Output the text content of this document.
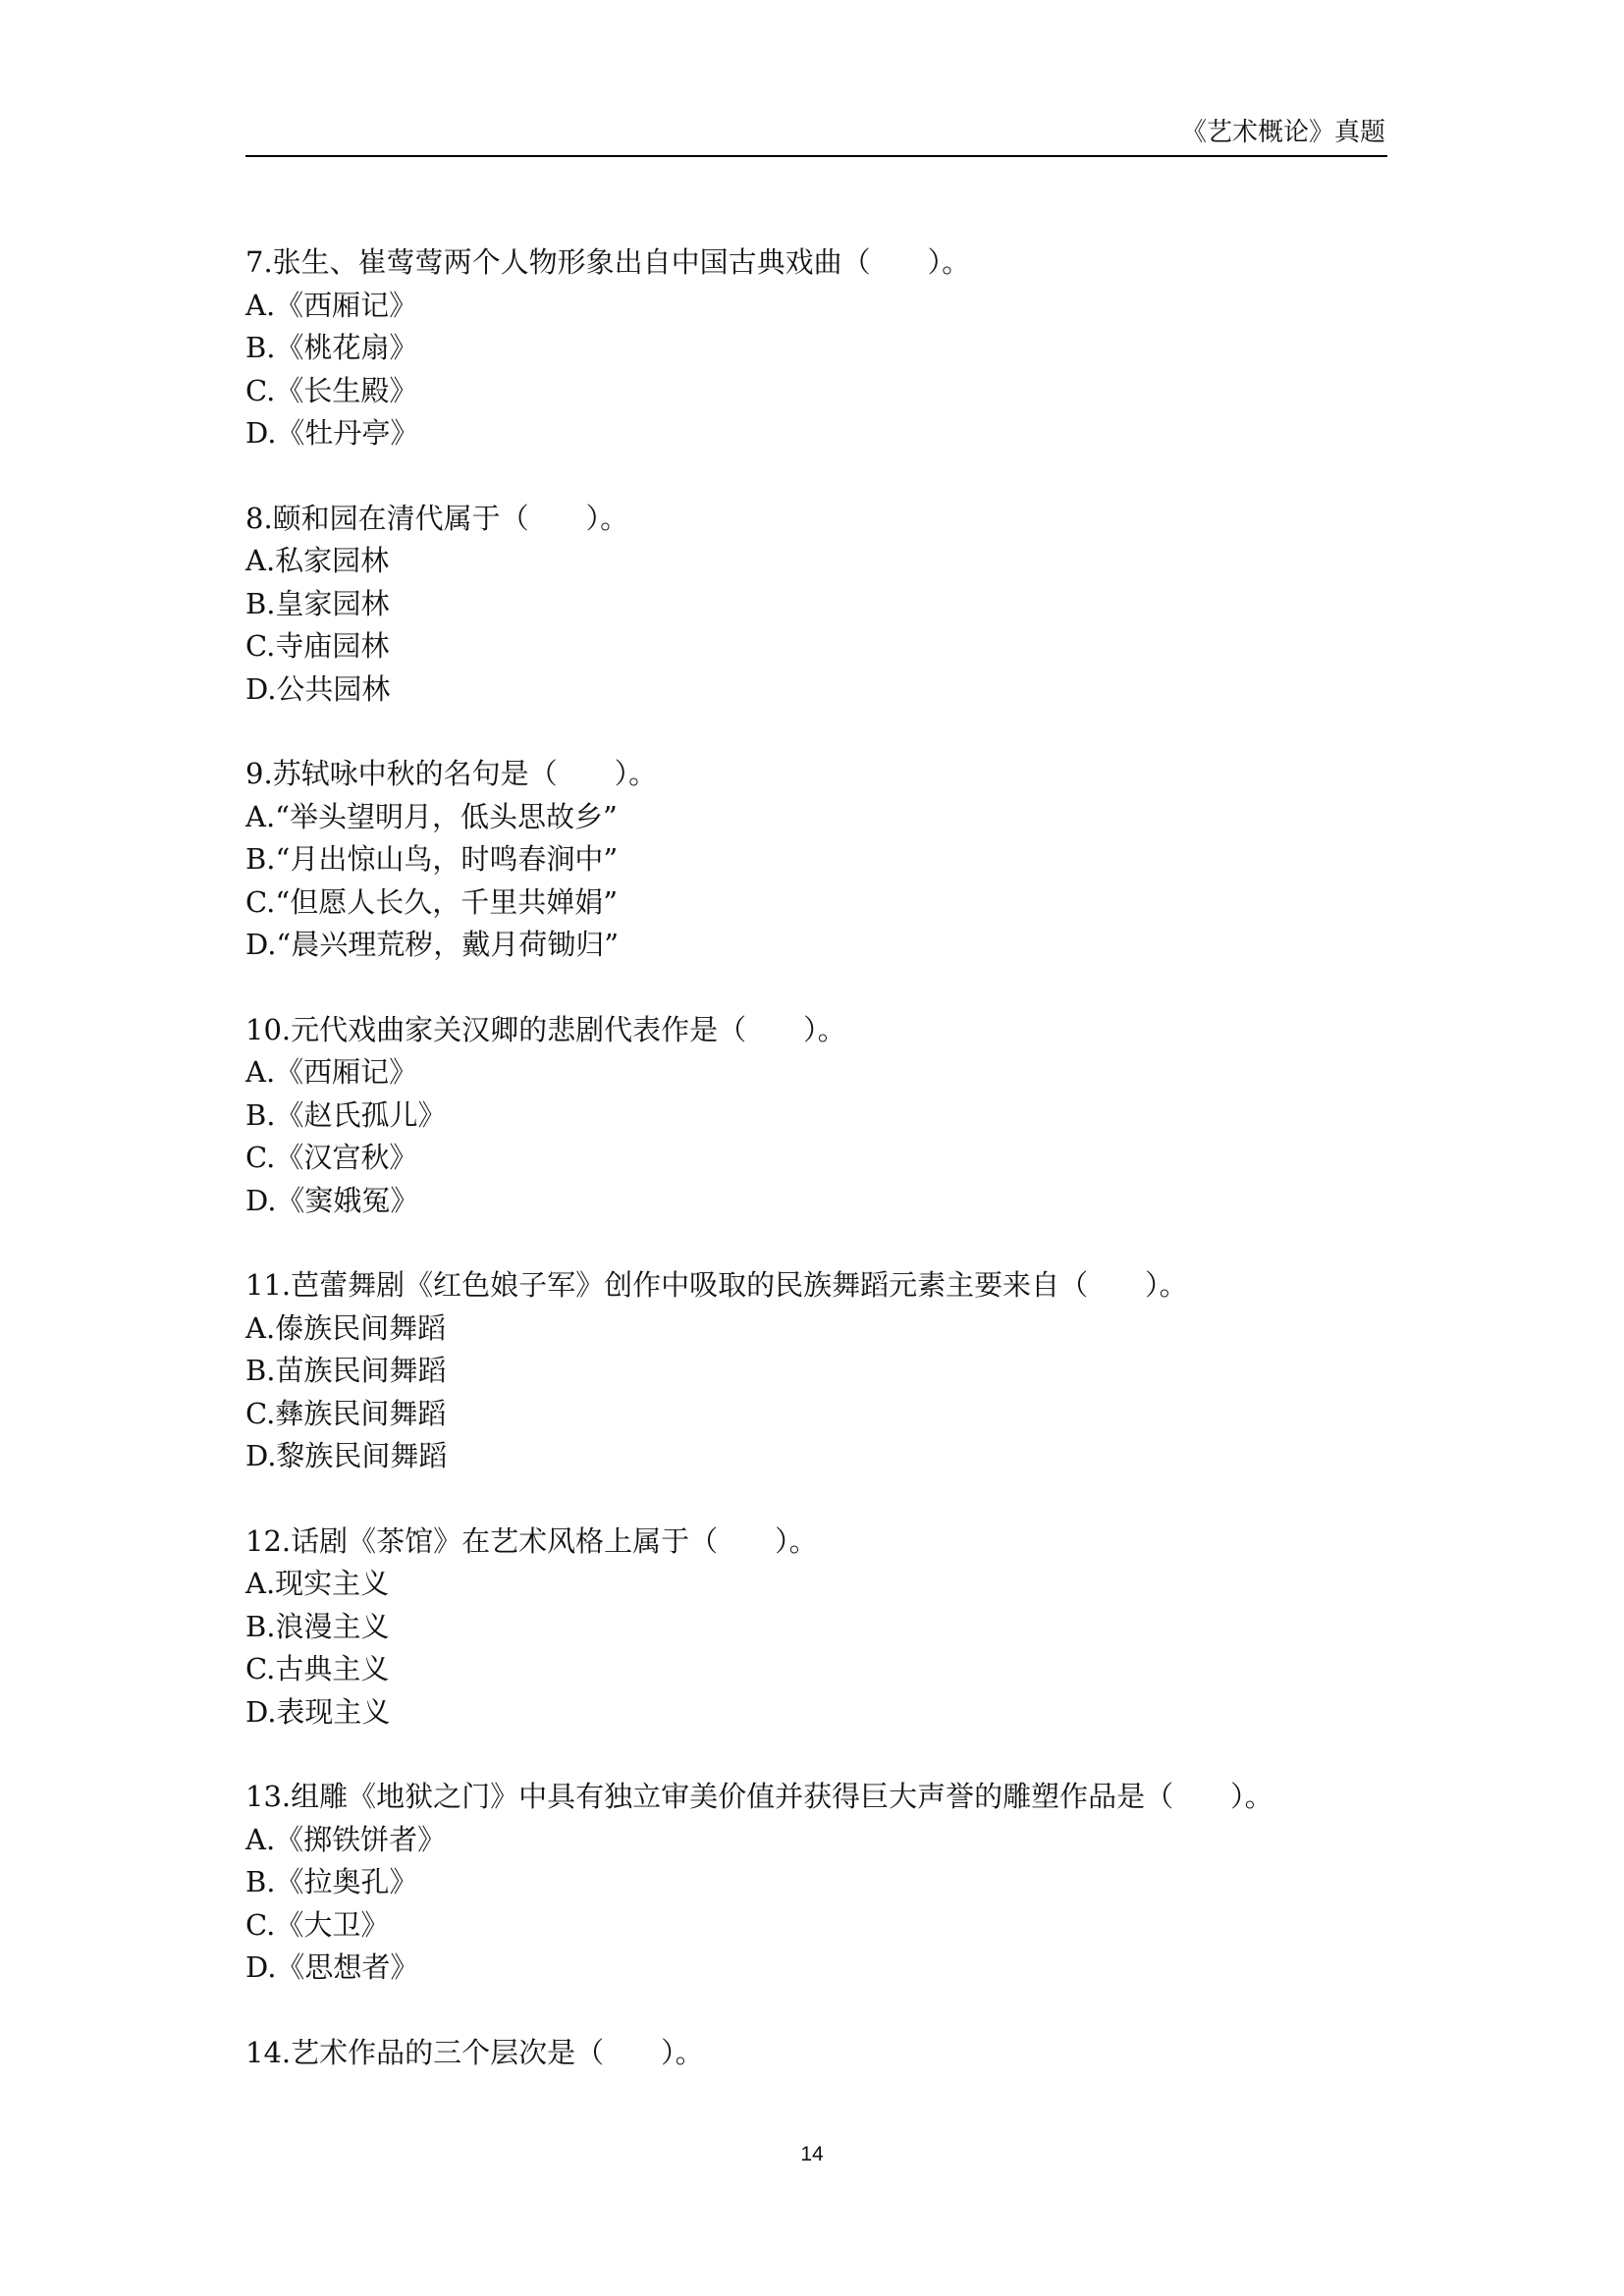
《艺术概论》真题
7.张生、崔莺莺两个人物形象出自中国古典戏曲（　　）。
A.《西厢记》
B.《桃花扇》
C.《长生殿》
D.《牡丹亭》
8.颐和园在清代属于（　　）。
A.私家园林
B.皇家园林
C.寺庙园林
D.公共园林
9.苏轼咏中秋的名句是（　　）。
A.“举头望明月，低头思故乡”
B.“月出惊山鸟，时鸣春涧中”
C.“但愿人长久，千里共婵娟”
D.“晨兴理荒秽，戴月荷锄归”
10.元代戏曲家关汉卿的悲剧代表作是（　　）。
A.《西厢记》
B.《赵氏孤儿》
C.《汉宫秋》
D.《窦娥冤》
11.芭蕾舞剧《红色娘子军》创作中吸取的民族舞蹈元素主要来自（　　）。
A.傣族民间舞蹈
B.苗族民间舞蹈
C.彝族民间舞蹈
D.黎族民间舞蹈
12.话剧《茶馆》在艺术风格上属于（　　）。
A.现实主义
B.浪漫主义
C.古典主义
D.表现主义
13.组雕《地狱之门》中具有独立审美价值并获得巨大声誉的雕塑作品是（　　）。
A.《掷铁饼者》
B.《拉奥孔》
C.《大卫》
D.《思想者》
14.艺术作品的三个层次是（　　）。
14
